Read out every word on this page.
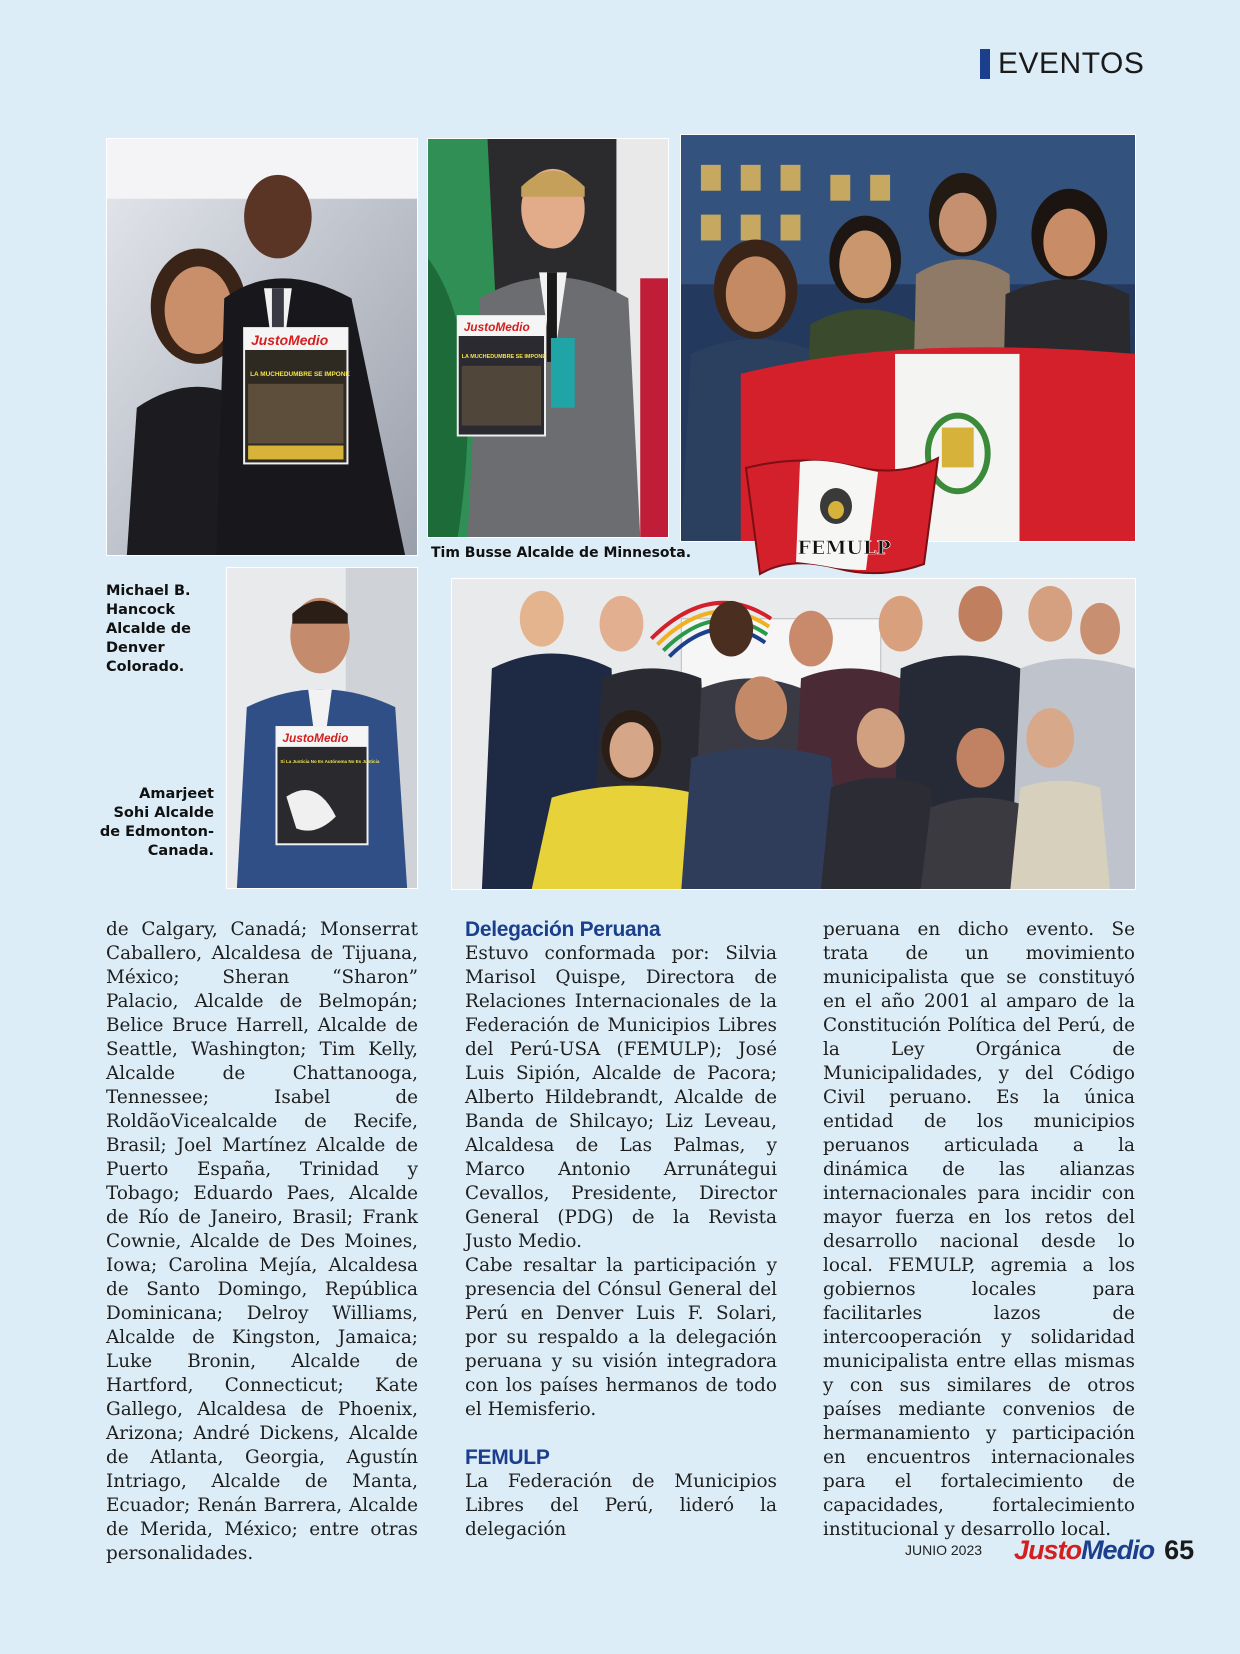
EVENTOS
JustoMedio
LA MUCHEDUMBRE SE IMPONE
JustoMedio
LA MUCHEDUMBRE SE IMPONE
FEMULP
Tim Busse Alcalde de Minnesota.
Michael B.
Hancock
Alcalde de
Denver
Colorado.
JustoMedio
Si La Justicia No Es Autónoma No Es Justicia
Amarjeet
Sohi Alcalde
de Edmonton-
Canada.

de Calgary, Canadá; Monserrat Caballero, Alcaldesa de Tijuana, México; Sheran “Sharon” Palacio, Alcalde de Belmopán; Belice Bruce Harrell, Alcalde de Seattle, Washington; Tim Kelly, Alcalde de Chattanooga, Tennessee; Isabel de RoldãoVicealcalde de Recife, Brasil; Joel Martínez Alcalde de Puerto España, Trinidad y Tobago; Eduardo Paes, Alcalde de Río de Janeiro, Brasil; Frank Cownie, Alcalde de Des Moines, Iowa; Carolina Mejía, Alcaldesa de Santo Domingo, República Dominicana; Delroy Williams, Alcalde de Kingston, Jamaica; Luke Bronin, Alcalde de Hartford, Connecticut; Kate Gallego, Alcaldesa de Phoenix, Arizona; André Dickens, Alcalde de Atlanta, Georgia, Agustín Intriago, Alcalde de Manta, Ecuador; Renán Barrera, Alcalde de Merida, México; entre otras personalidades.

Delegación Peruana

Estuvo conformada por: Silvia Marisol Quispe, Directora de Relaciones Internacionales de la Federación de Municipios Libres del Perú-USA (FEMULP); José Luis Sipión, Alcalde de Pacora; Alberto Hildebrandt, Alcalde de Banda de Shilcayo; Liz Leveau, Alcaldesa de Las Palmas, y Marco Antonio Arrunátegui Cevallos, Presidente, Director General (PDG) de la Revista Justo Medio.

Cabe resaltar la participación y presencia del Cónsul General del Perú en Denver Luis F. Solari, por su respaldo a la delegación peruana y su visión integradora con los países hermanos de todo el Hemisferio.

FEMULP

La Federación de Municipios Libres del Perú, lideró la delegación

peruana en dicho evento. Se trata de un movimiento municipalista que se constituyó en el año 2001 al amparo de la Constitución Política del Perú, de la Ley Orgánica de Municipalidades, y del Código Civil peruano. Es la única entidad de los municipios peruanos articulada a la dinámica de las alianzas internacionales para incidir con mayor fuerza en los retos del desarrollo nacional desde lo local. FEMULP, agremia a los gobiernos locales para facilitarles lazos de intercooperación y solidaridad municipalista entre ellas mismas y con sus similares de otros países mediante convenios de hermanamiento y participación en encuentros internacionales para el fortalecimiento de capacidades, fortalecimiento institucional y desarrollo local.

JUNIO 2023 Justo Medio 65
